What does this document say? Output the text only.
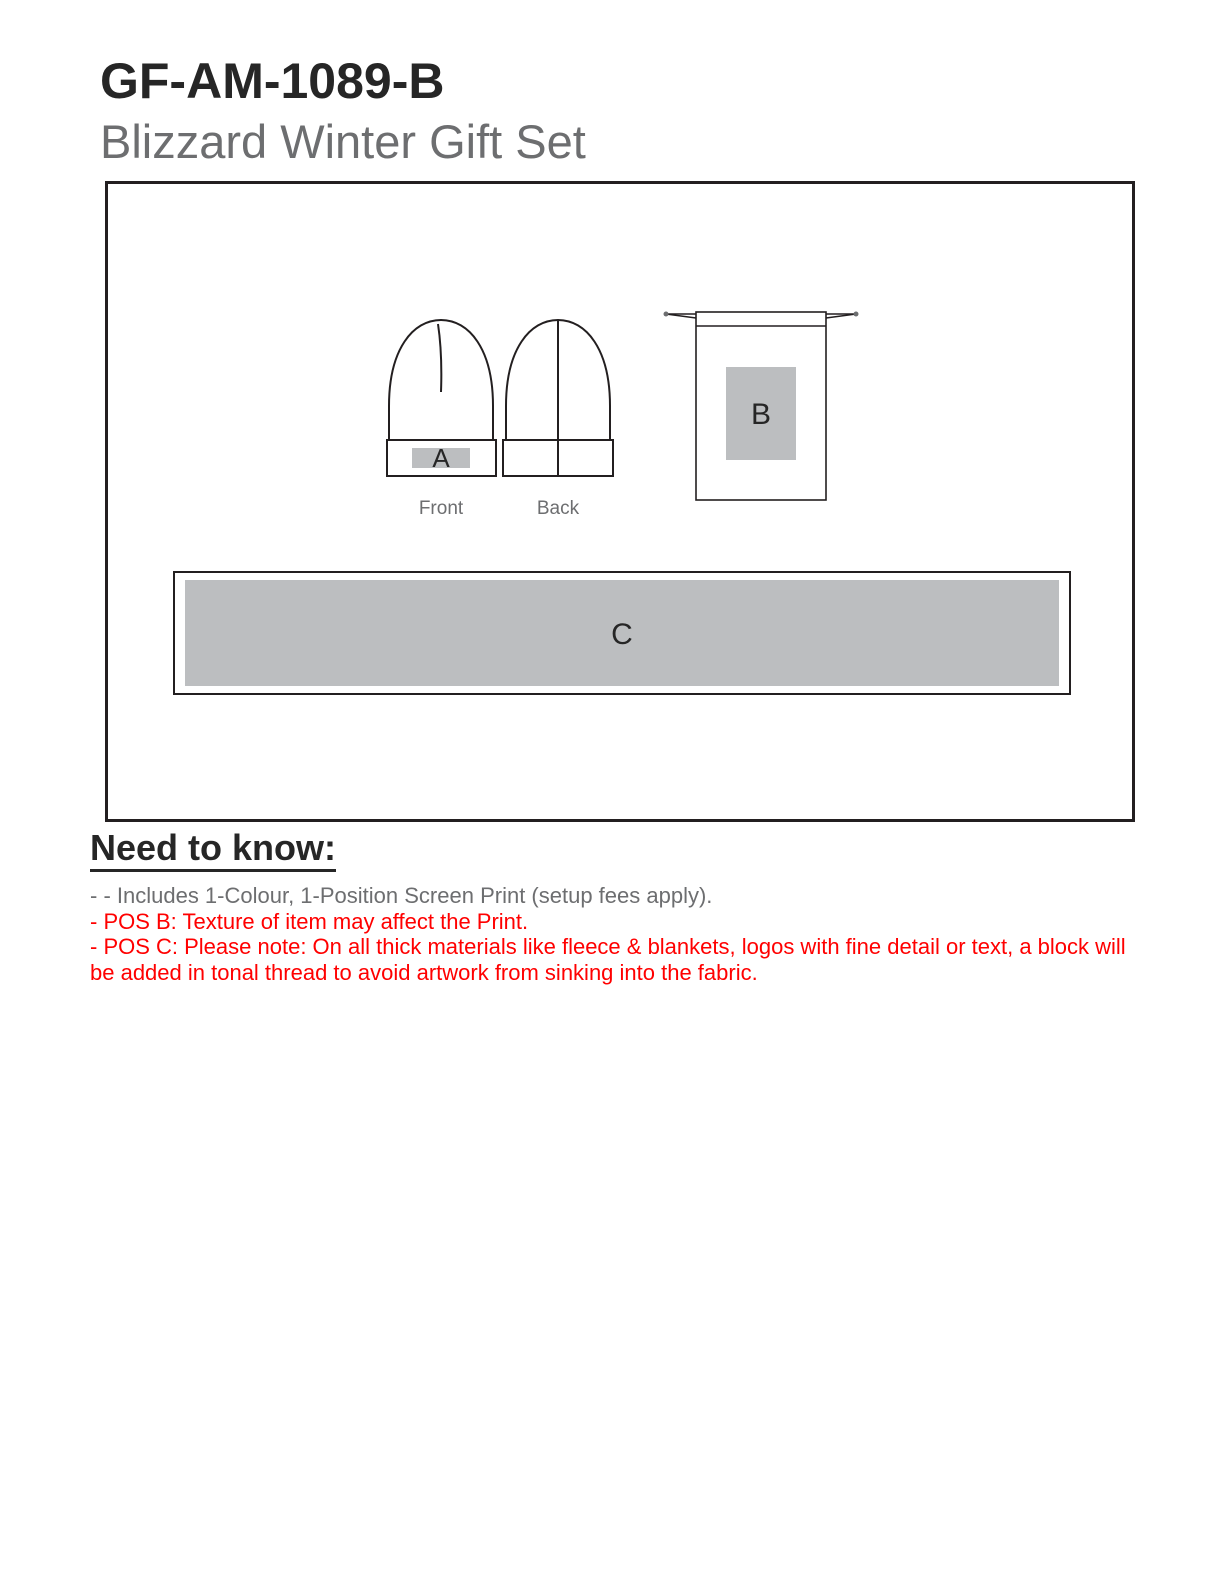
GF-AM-1089-B
Blizzard Winter Gift Set
A
Front	Back
B
C
Need to know:

- - Includes 1-Colour, 1-Position Screen Print (setup fees apply).

- POS B: Texture of item may affect the Print.

- POS C: Please note: On all thick materials like fleece & blankets, logos with fine detail or text, a block will be added in tonal thread to avoid artwork from sinking into the fabric.
